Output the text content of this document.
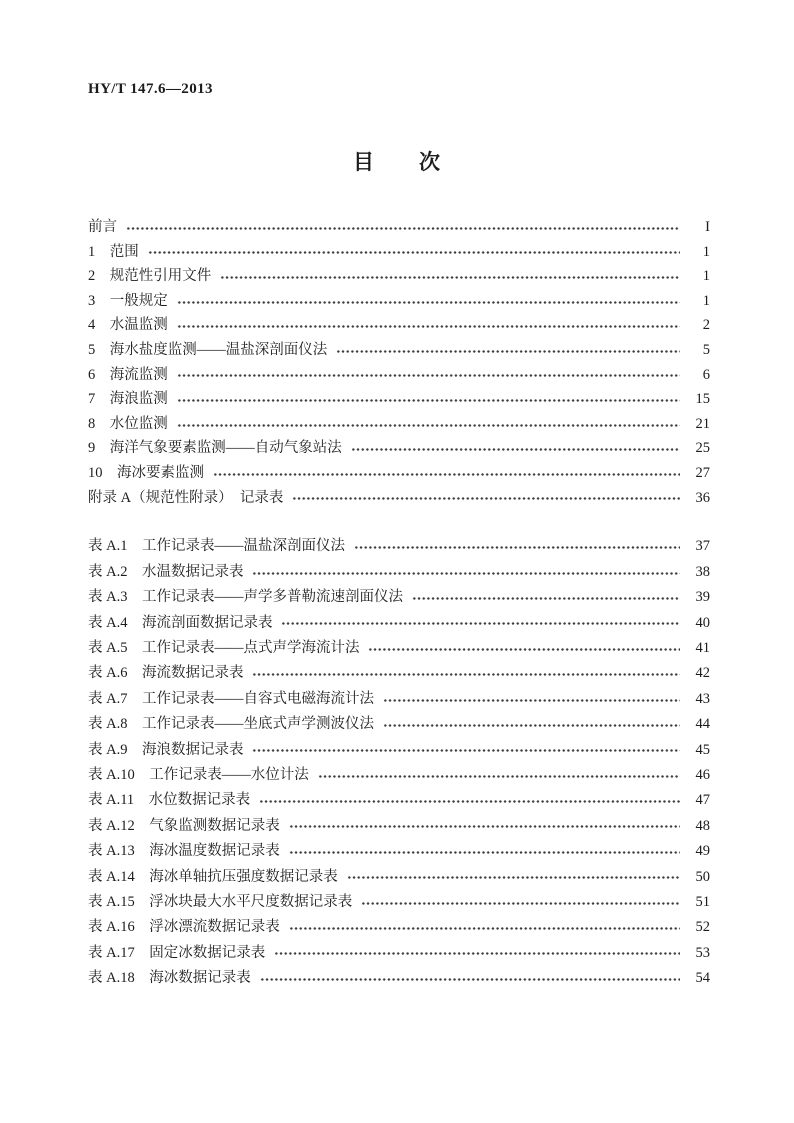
HY/T 147.6—2013
目　　次
前言	I
1　范围	1
2　规范性引用文件	1
3　一般规定	1
4　水温监测	2
5　海水盐度监测——温盐深剖面仪法	5
6　海流监测	6
7　海浪监测	15
8　水位监测	21
9　海洋气象要素监测——自动气象站法	25
10　海冰要素监测	27
附录 A（规范性附录）　记录表	36
表 A.1　工作记录表——温盐深剖面仪法	37
表 A.2　水温数据记录表	38
表 A.3　工作记录表——声学多普勒流速剖面仪法	39
表 A.4　海流剖面数据记录表	40
表 A.5　工作记录表——点式声学海流计法	41
表 A.6　海流数据记录表	42
表 A.7　工作记录表——自容式电磁海流计法	43
表 A.8　工作记录表——坐底式声学测波仪法	44
表 A.9　海浪数据记录表	45
表 A.10　工作记录表——水位计法	46
表 A.11　水位数据记录表	47
表 A.12　气象监测数据记录表	48
表 A.13　海冰温度数据记录表	49
表 A.14　海冰单轴抗压强度数据记录表	50
表 A.15　浮冰块最大水平尺度数据记录表	51
表 A.16　浮冰漂流数据记录表	52
表 A.17　固定冰数据记录表	53
表 A.18　海冰数据记录表	54
